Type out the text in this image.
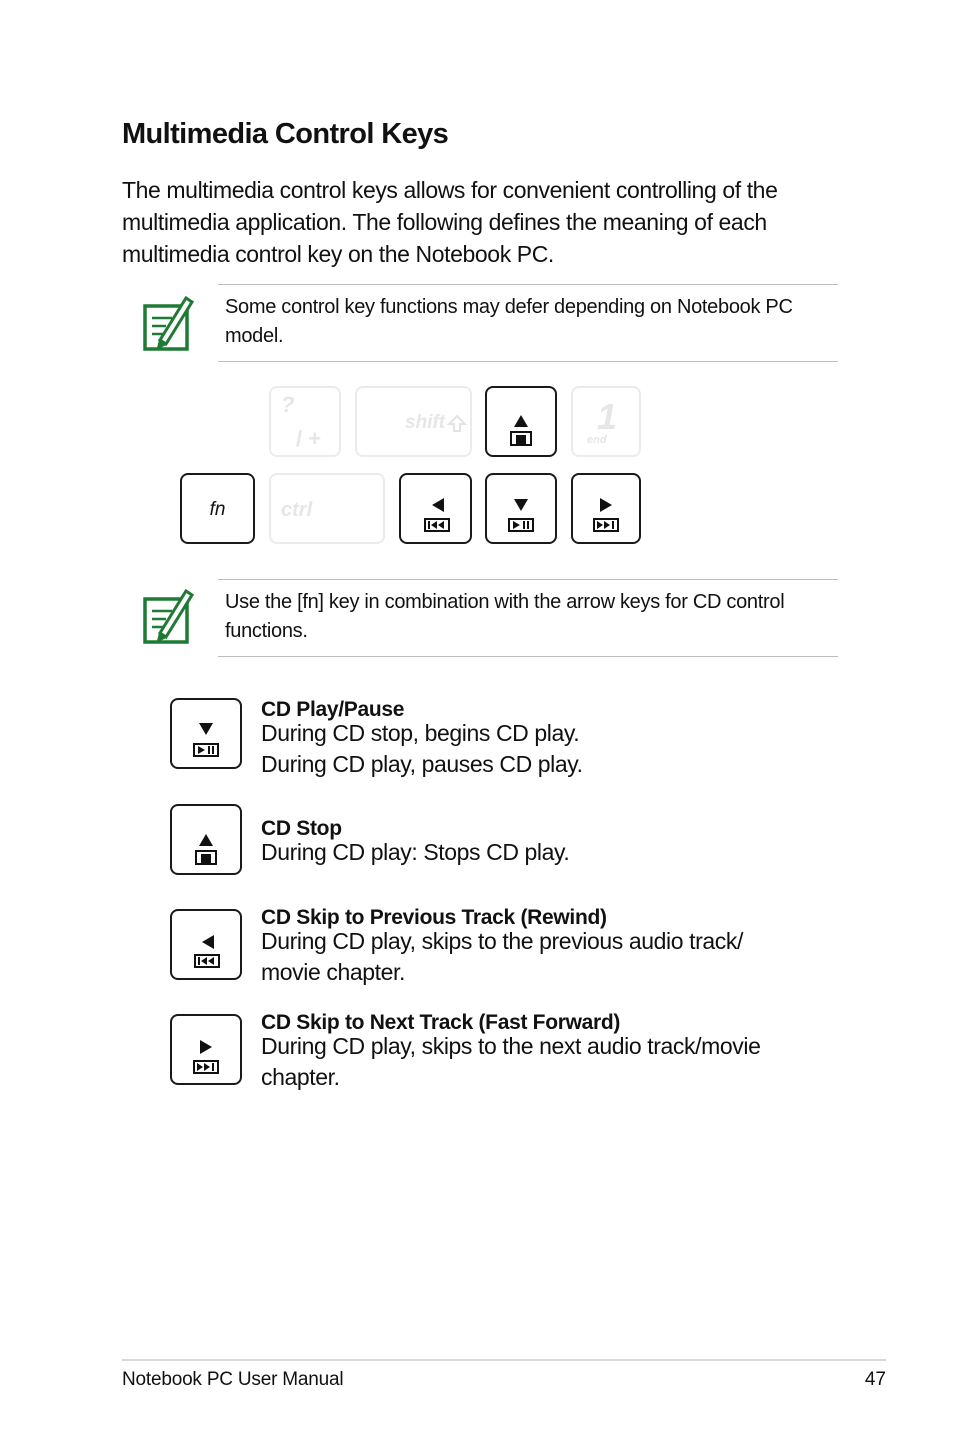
Multimedia Control Keys

The multimedia control keys allows for convenient controlling of the multimedia application. The following defines the meaning of each multimedia control key on the Notebook PC.

Some control key functions may defer depending on Notebook PC model.

?
/ +
shift	1
end
fn	ctrl

Use the [fn] key in combination with the arrow keys for CD control functions.

CD Play/Pause
During CD stop, begins CD play. During CD play, pauses CD play.
CD Stop
During CD play: Stops CD play.
CD Skip to Previous Track (Rewind)
During CD play, skips to the previous audio track/ movie chapter.
CD Skip to Next Track (Fast Forward)
During CD play, skips to the next audio track/movie chapter.
Notebook PC User Manual	47
